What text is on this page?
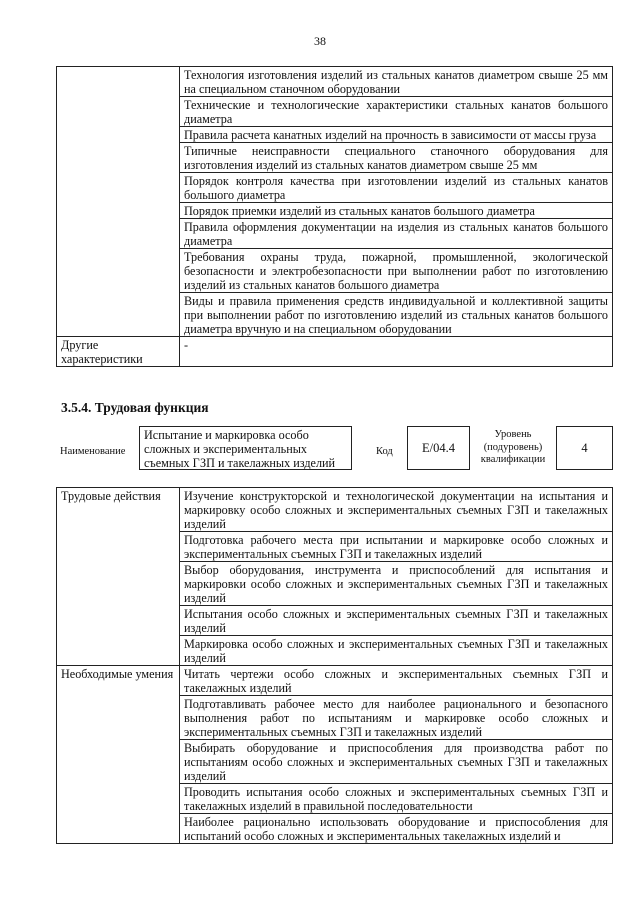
38
	Технология изготовления изделий из стальных канатов диаметром свыше 25 мм на специальном станочном оборудовании
	Технические и технологические характеристики стальных канатов большого диаметра
	Правила расчета канатных изделий на прочность в зависимости от массы груза
	Типичные неисправности специального станочного оборудования для изготовления изделий из стальных канатов диаметром свыше 25 мм
	Порядок контроля качества при изготовлении изделий из стальных канатов большого диаметра
	Порядок приемки изделий из стальных канатов большого диаметра
	Правила оформления документации на изделия из стальных канатов большого диаметра
	Требования охраны труда, пожарной, промышленной, экологической безопасности и электробезопасности при выполнении работ по изготовлению изделий из стальных канатов большого диаметра
	Виды и правила применения средств индивидуальной и коллективной защиты при выполнении работ по изготовлению изделий из стальных канатов большого диаметра вручную и на специальном оборудовании
Другие характеристики	-
3.5.4. Трудовая функция
Наименование
Испытание и маркировка особо сложных и экспериментальных съемных ГЗП и такелажных изделий
Код	E/04.4
Уровень (подуровень) квалификации
4
Трудовые действия	Изучение конструкторской и технологической документации на испытания и маркировку особо сложных и экспериментальных съемных ГЗП и такелажных изделий
	Подготовка рабочего места при испытании и маркировке особо сложных и экспериментальных съемных ГЗП и такелажных изделий
	Выбор оборудования, инструмента и приспособлений для испытания и маркировки особо сложных и экспериментальных съемных ГЗП и такелажных изделий
	Испытания особо сложных и экспериментальных съемных ГЗП и такелажных изделий
	Маркировка особо сложных и экспериментальных съемных ГЗП и такелажных изделий
Необходимые умения	Читать чертежи особо сложных и экспериментальных съемных ГЗП и такелажных изделий
	Подготавливать рабочее место для наиболее рационального и безопасного выполнения работ по испытаниям и маркировке особо сложных и экспериментальных съемных ГЗП и такелажных изделий
	Выбирать оборудование и приспособления для производства работ по испытаниям особо сложных и экспериментальных съемных ГЗП и такелажных изделий
	Проводить испытания особо сложных и экспериментальных съемных ГЗП и такелажных изделий в правильной последовательности
	Наиболее рационально использовать оборудование и приспособления для испытаний особо сложных и экспериментальных такелажных изделий и
